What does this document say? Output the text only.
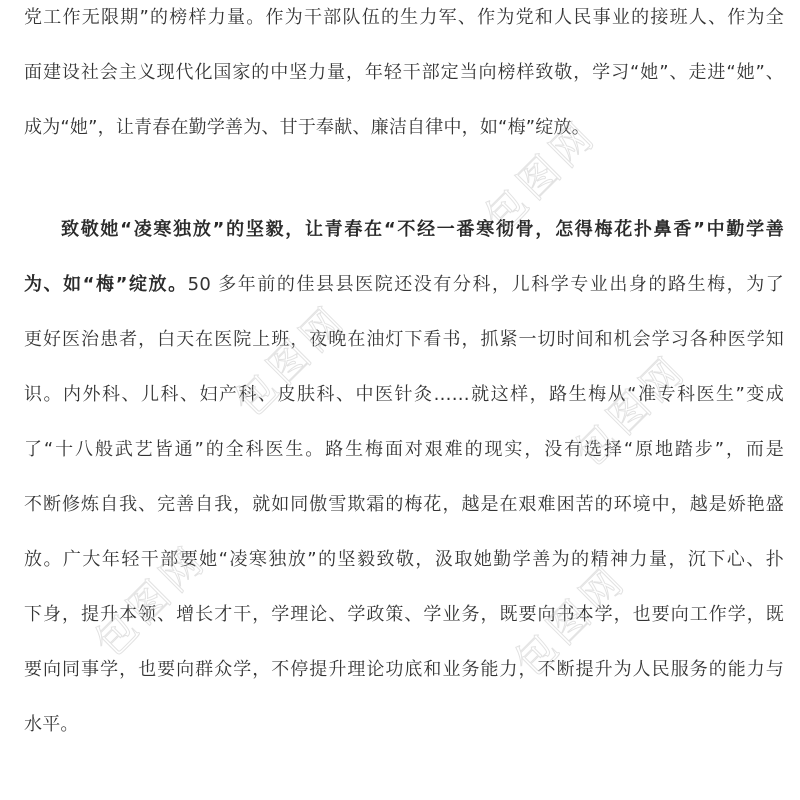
党工作无限期”的榜样力量。作为干部队伍的生力军、作为党和人民事业的接班人、作为全
面建设社会主义现代化国家的中坚力量，年轻干部定当向榜样致敬，学习“她”、走进“她”、
成为“她”，让青春在勤学善为、甘于奉献、廉洁自律中，如“梅”绽放。
致敬她“凌寒独放”的坚毅，让青春在“不经一番寒彻骨，怎得梅花扑鼻香”中勤学善
为、如“梅”绽放。50 多年前的佳县县医院还没有分科，儿科学专业出身的路生梅，为了
更好医治患者，白天在医院上班，夜晚在油灯下看书，抓紧一切时间和机会学习各种医学知
识。内外科、儿科、妇产科、皮肤科、中医针灸……就这样，路生梅从“准专科医生”变成
了“十八般武艺皆通”的全科医生。路生梅面对艰难的现实，没有选择“原地踏步”，而是
不断修炼自我、完善自我，就如同傲雪欺霜的梅花，越是在艰难困苦的环境中，越是娇艳盛
放。广大年轻干部要她“凌寒独放”的坚毅致敬，汲取她勤学善为的精神力量，沉下心、扑
下身，提升本领、增长才干，学理论、学政策、学业务，既要向书本学，也要向工作学，既
要向同事学，也要向群众学，不停提升理论功底和业务能力，不断提升为人民服务的能力与
水平。
包图网
包图网
包图网	包图网
包图网
